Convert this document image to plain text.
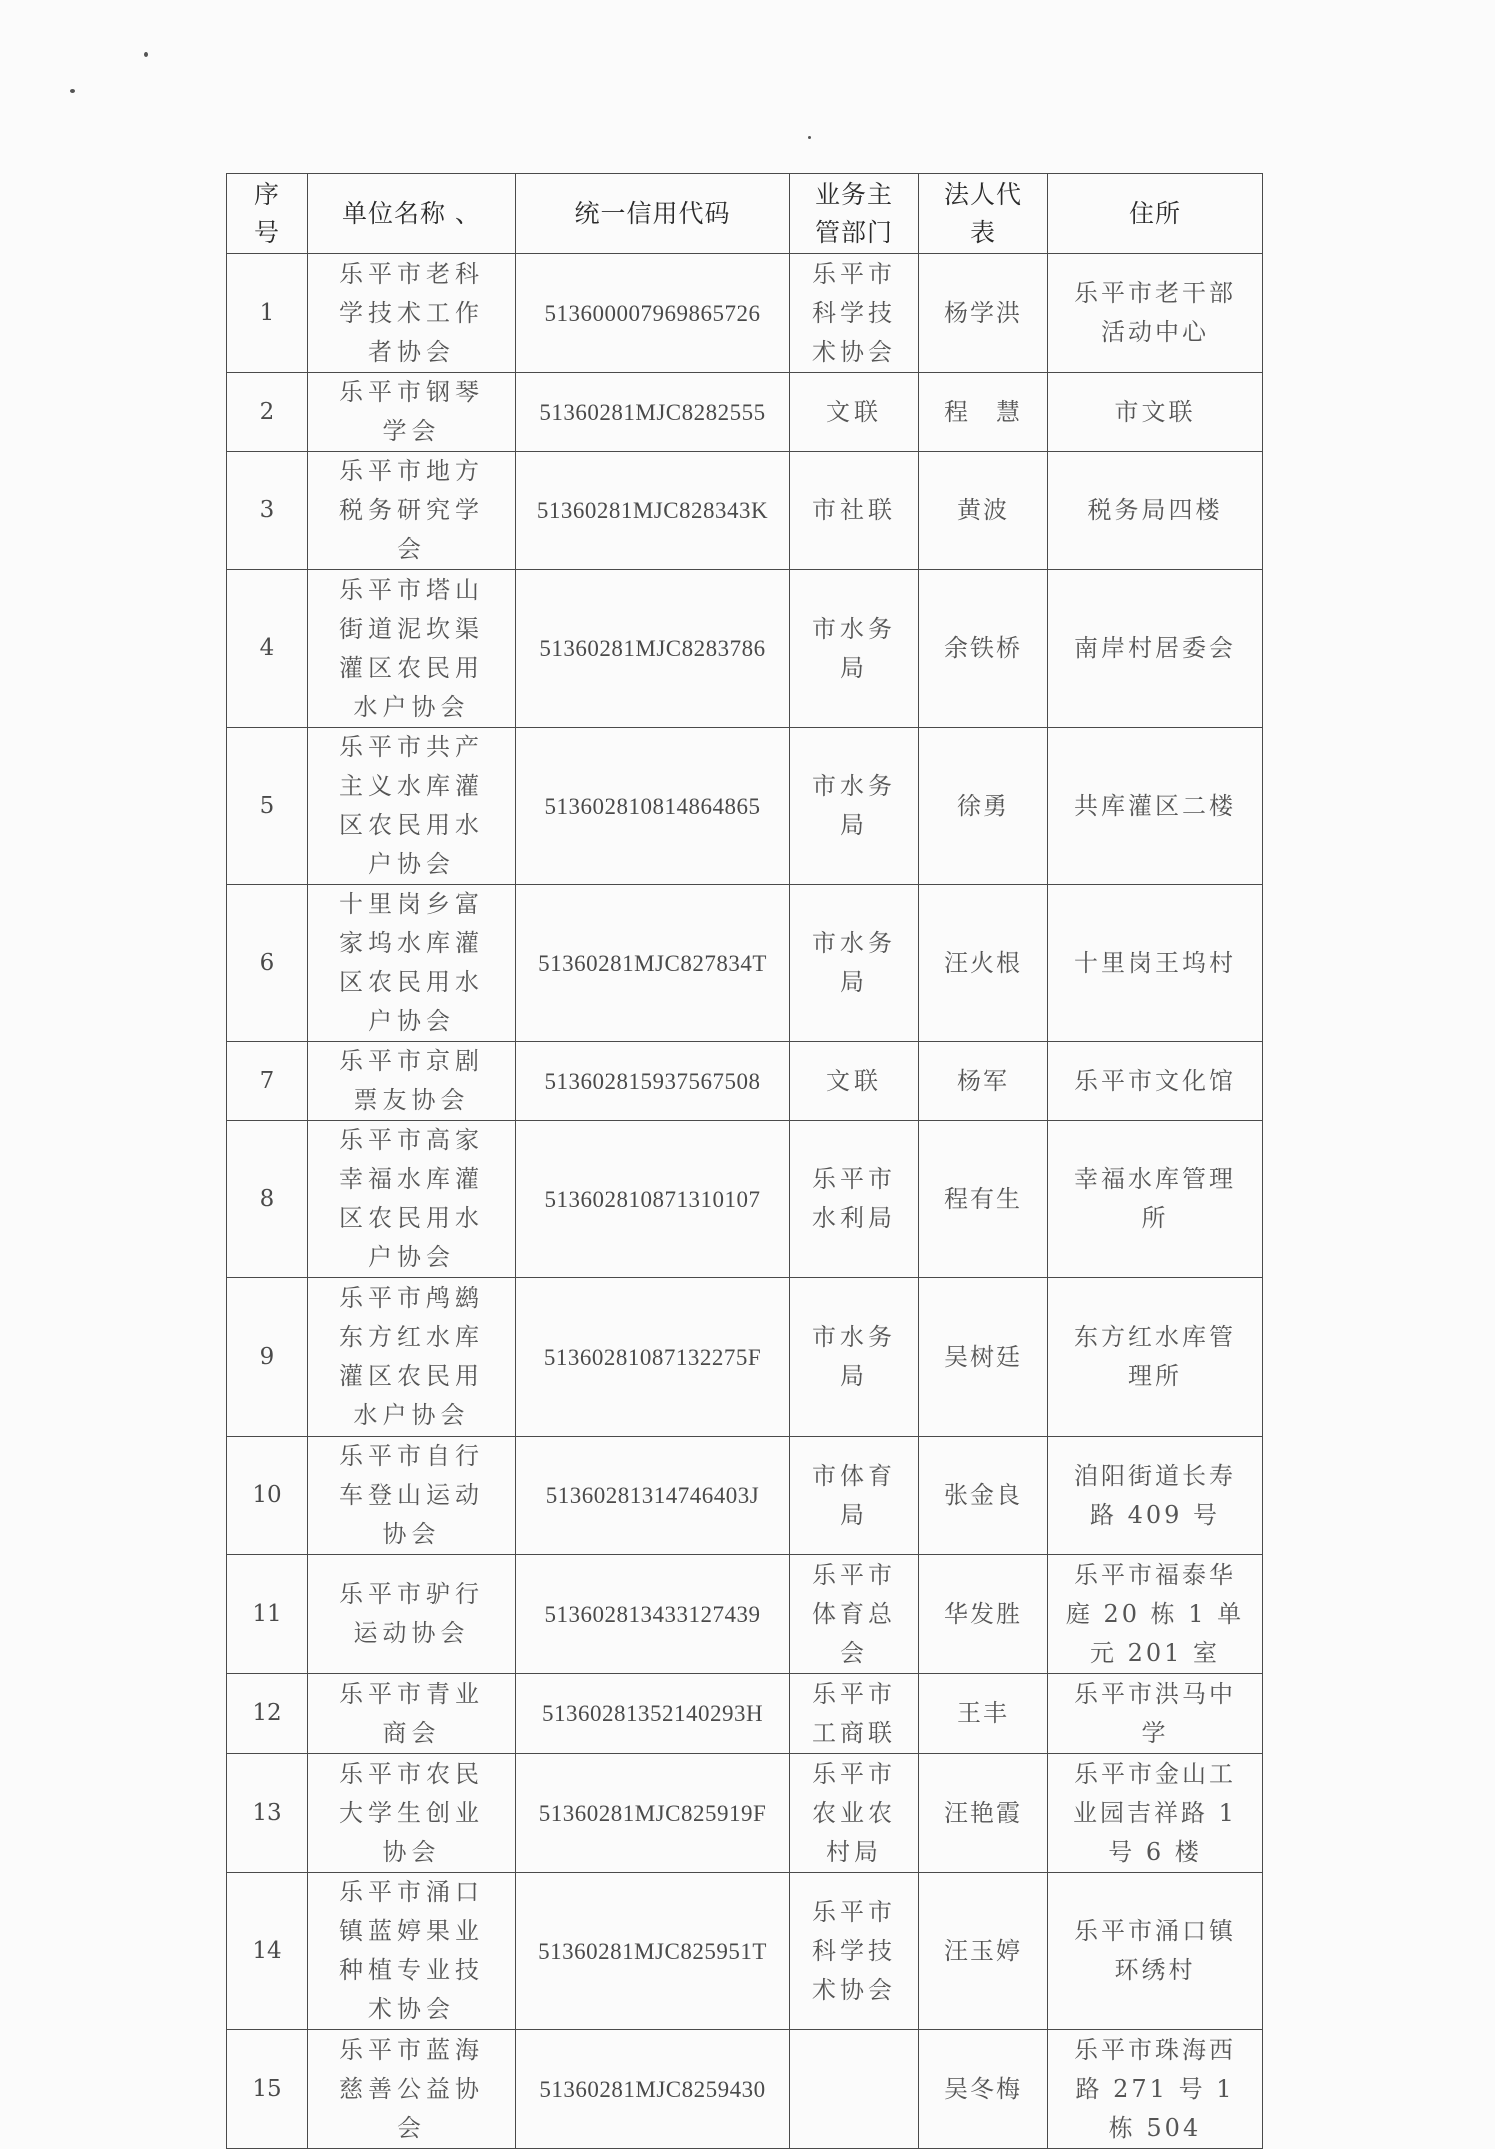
序号	单位名称 、	统一信用代码	业务主管部门	法人代表	住所
1	乐平市老科学技术工作者协会	51360000796986572​6	乐平市科学技术协会	杨学洪	乐平市老干部活动中心
2	乐平市钢琴学会	51360281MJC8282555	文联	程　慧	市文联
3	乐平市地方税务研究学会	51360281MJC828343K	市社联	黄波	税务局四楼
4	乐平市塔山街道泥坎渠灌区农民用水户协会	51360281MJC8283786	市水务局	余铁桥	南岸村居委会
5	乐平市共产主义水库灌区农民用水户协会	513602810814864865	市水务局	徐勇	共库灌区二楼
6	十里岗乡富家坞水库灌区农民用水户协会	51360281MJC827834T	市水务局	汪火根	十里岗王坞村
7	乐平市京剧票友协会	513602815937567508	文联	杨军	乐平市文化馆
8	乐平市高家幸福水库灌区农民用水户协会	513602810871310107	乐平市水利局	程有生	幸福水库管理所
9	乐平市鸬鹚东方红水库灌区农民用水户协会	51360281087132275F	市水务局	吴树廷	东方红水库管理所
10	乐平市自行车登山运动协会	51360281314746403J	市体育局	张金良	洎阳街道长寿路 409 号
11	乐平市驴行运动协会	513602813433127439	乐平市体育总会	华发胜	乐平市福泰华庭 20 栋 1 单元 201 室
12	乐平市青业商会	51360281352140293H	乐平市工商联	王丰	乐平市洪马中学
13	乐平市农民大学生创业协会	51360281MJC825919F	乐平市农业农村局	汪艳霞	乐平市金山工业园吉祥路 1 号 6 楼
14	乐平市涌口镇蓝婷果业种植专业技术协会	51360281MJC825951T	乐平市科学技术协会	汪玉婷	乐平市涌口镇环绣村
15	乐平市蓝海慈善公益协会	51360281MJC8259430		吴冬梅	乐平市珠海西路 271 号 1 栋 504
